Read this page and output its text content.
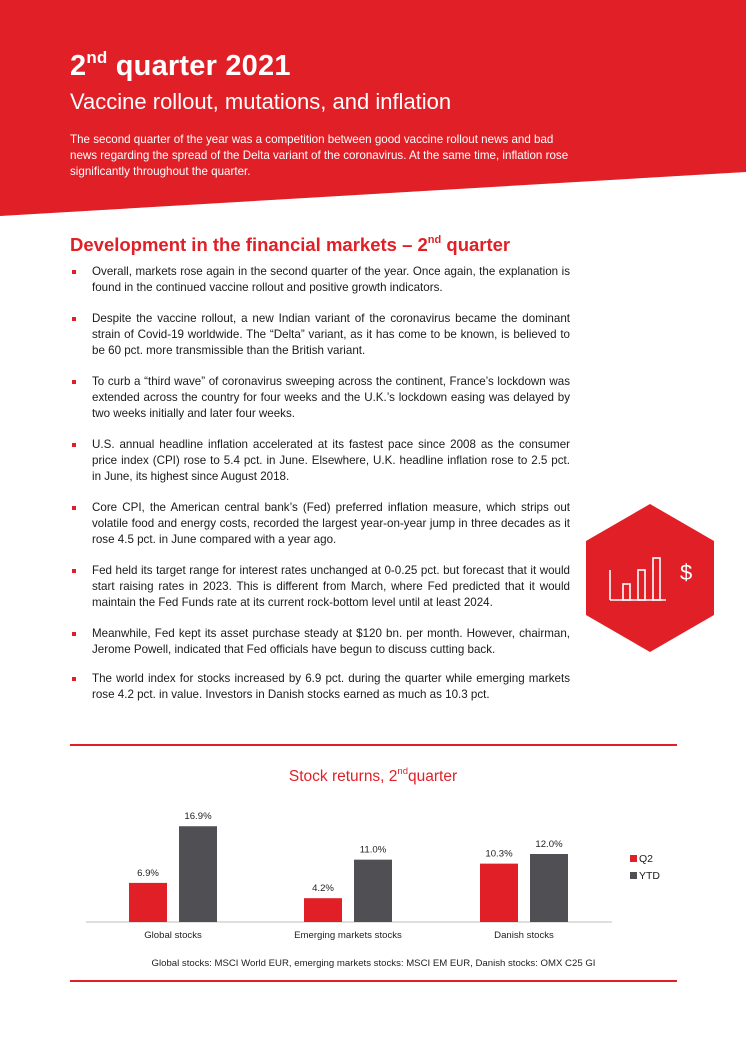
2nd quarter 2021
Vaccine rollout, mutations, and inflation

The second quarter of the year was a competition between good vaccine rollout news and bad news regarding the spread of the Delta variant of the coronavirus. At the same time, inflation rose significantly throughout the quarter.

Development in the financial markets – 2nd quarter
Overall, markets rose again in the second quarter of the year. Once again, the explanation is found in the continued vaccine rollout and positive growth indicators.
Despite the vaccine rollout, a new Indian variant of the coronavirus became the dominant strain of Covid-19 worldwide. The “Delta” variant, as it has come to be known, is believed to be 60 pct. more transmissible than the British variant.
To curb a “third wave” of coronavirus sweeping across the continent, France’s lockdown was extended across the country for four weeks and the U.K.’s lockdown easing was delayed by two weeks initially and later four weeks.
U.S. annual headline inflation accelerated at its fastest pace since 2008 as the consumer price index (CPI) rose to 5.4 pct. in June. Elsewhere, U.K. headline inflation rose to 2.5 pct. in June, its highest since August 2018.
Core CPI, the American central bank’s (Fed) preferred inflation measure, which strips out volatile food and energy costs, recorded the largest year-on-year jump in three decades as it rose 4.5 pct. in June compared with a year ago.
Fed held its target range for interest rates unchanged at 0-0.25 pct. but forecast that it would start raising rates in 2023. This is different from March, where Fed predicted that it would maintain the Fed Funds rate at its current rock-bottom level until at least 2024.
Meanwhile, Fed kept its asset purchase steady at $120 bn. per month. However, chairman, Jerome Powell, indicated that Fed officials have begun to discuss cutting back.
The world index for stocks increased by 6.9 pct. during the quarter while emerging markets rose 4.2 pct. in value. Investors in Danish stocks earned as much as 10.3 pct.
$
Stock returns, 2ndquarter
6.9%
16.9%
Global stocks
4.2%
11.0%
Emerging markets stocks
10.3%
12.0%
Danish stocks
Q2
YTD
Global stocks: MSCI World EUR, emerging markets stocks: MSCI EM EUR, Danish stocks: OMX C25 GI
